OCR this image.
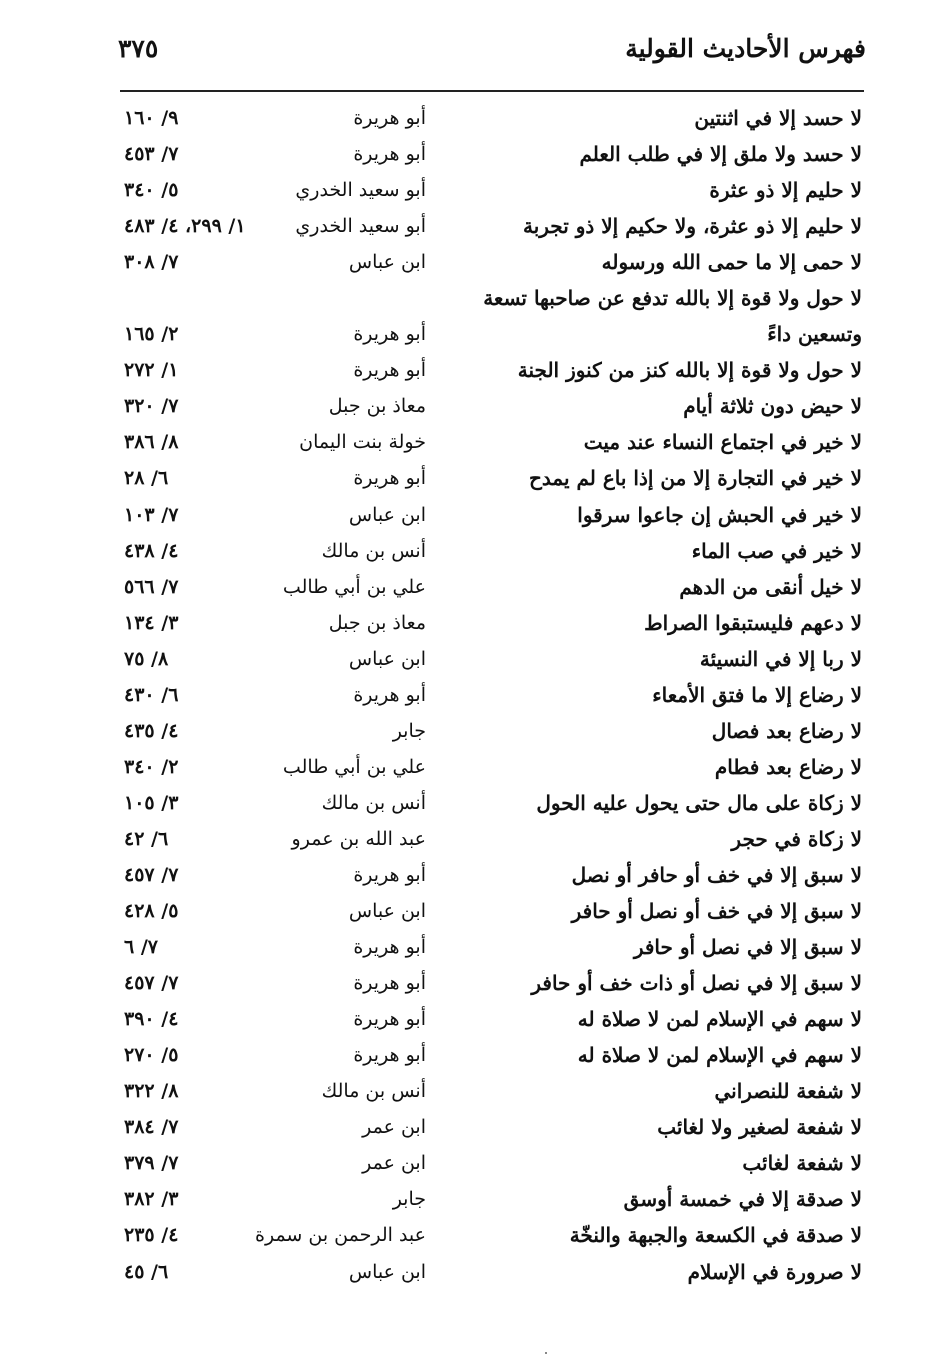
فهرس الأحاديث القولية
٣٧٥
لا حسد إلا في اثنتين
أبو هريرة
٩/ ١٦٠
لا حسد ولا ملق إلا في طلب العلم
أبو هريرة
٧/ ٤٥٣
لا حليم إلا ذو عثرة
أبو سعيد الخدري
٥/ ٣٤٠
لا حليم إلا ذو عثرة، ولا حكيم إلا ذو تجربة
أبو سعيد الخدري
١/ ٢٩٩، ٤/ ٤٨٣
لا حمى إلا ما حمى الله ورسوله
ابن عباس
٧/ ٣٠٨
لا حول ولا قوة إلا بالله تدفع عن صاحبها تسعة
وتسعين داءً
أبو هريرة
٢/ ١٦٥
لا حول ولا قوة إلا بالله كنز من كنوز الجنة
أبو هريرة
١/ ٢٧٢
لا حيض دون ثلاثة أيام
معاذ بن جبل
٧/ ٣٢٠
لا خير في اجتماع النساء عند ميت
خولة بنت اليمان
٨/ ٣٨٦
لا خير في التجارة إلا من إذا باع لم يمدح
أبو هريرة
٦/ ٢٨
لا خير في الحبش إن جاعوا سرقوا
ابن عباس
٧/ ١٠٣
لا خير في صب الماء
أنس بن مالك
٤/ ٤٣٨
لا خيل أنقى من الدهم
علي بن أبي طالب
٧/ ٥٦٦
لا دعهم فليستبقوا الصراط
معاذ بن جبل
٣/ ١٣٤
لا ربا إلا في النسيئة
ابن عباس
٨/ ٧٥
لا رضاع إلا ما فتق الأمعاء
أبو هريرة
٦/ ٤٣٠
لا رضاع بعد فصال
جابر
٤/ ٤٣٥
لا رضاع بعد فطام
علي بن أبي طالب
٢/ ٣٤٠
لا زكاة على مال حتى يحول عليه الحول
أنس بن مالك
٣/ ١٠٥
لا زكاة في حجر
عبد الله بن عمرو
٦/ ٤٢
لا سبق إلا في خف أو حافر أو نصل
أبو هريرة
٧/ ٤٥٧
لا سبق إلا في خف أو نصل أو حافر
ابن عباس
٥/ ٤٢٨
لا سبق إلا في نصل أو حافر
أبو هريرة
٧/ ٦
لا سبق إلا في نصل أو ذات خف أو حافر
أبو هريرة
٧/ ٤٥٧
لا سهم في الإسلام لمن لا صلاة له
أبو هريرة
٤/ ٣٩٠
لا سهم في الإسلام لمن لا صلاة له
أبو هريرة
٥/ ٢٧٠
لا شفعة للنصراني
أنس بن مالك
٨/ ٣٢٢
لا شفعة لصغير ولا لغائب
ابن عمر
٧/ ٣٨٤
لا شفعة لغائب
ابن عمر
٧/ ٣٧٩
لا صدقة إلا في خمسة أوسق
جابر
٣/ ٣٨٢
لا صدقة في الكسعة والجبهة والنخّة
عبد الرحمن بن سمرة
٤/ ٢٣٥
لا صرورة في الإسلام
ابن عباس
٦/ ٤٥
